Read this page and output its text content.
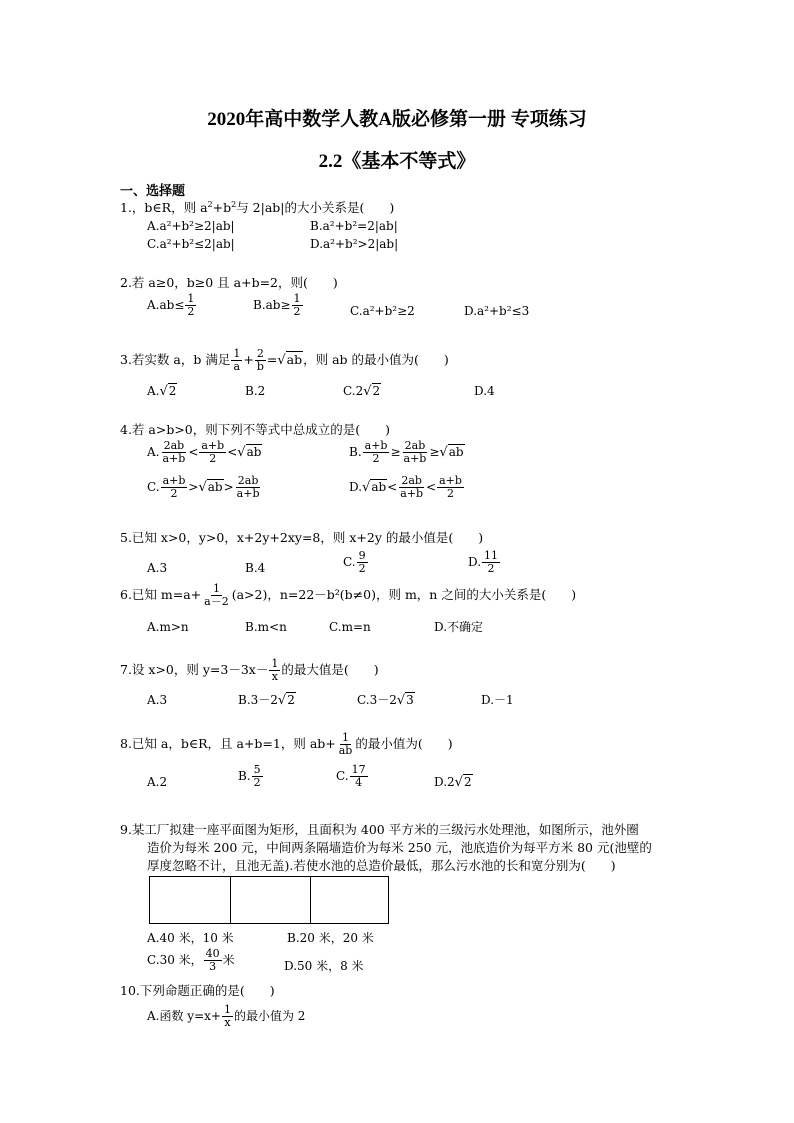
2020年高中数学人教A版必修第一册 专项练习
2.2《基本不等式》
一、选择题
1.，b∈R，则 $a^2+b^2$与 2|ab|的大小关系是(　　)
A.a²+b²≥2|ab|	B.a²+b²=2|ab|
C.a²+b²≤2|ab|	D.a²+b²>2|ab|
2.若 a≥0，b≥0 且 a+b=2，则(　　)
$A.ab\le \frac{1}{2}$	$B.ab\ge \frac{1}{2}$	C.a²+b²≥2	D.a²+b²≤3
3.若实数 a，b 满足 $\frac{1}{a} + \frac{2}{b} =√ab$，则 ab 的最小值为(　　)
A.√2	B.2	C.2√2	D.4
4.若 a>b>0，则下列不等式中总成立的是(　　)
A. $\frac{2ab}{a+b} < \frac{a+b}{2} <√ab$	B. $\frac{a+b}{2} \ge \frac{2ab}{a+b} \ge√ab$
C. $\frac{a+b}{2} >√ab> \frac{2ab}{a+b}$	$D.√ab< \frac{2ab}{a+b} < \frac{a+b}{2}$
5.已知 x>0，y>0，x+2y+2xy=8，则 x+2y 的最小值是(　　)
A.3	B.4	C. $\frac{9}{2}$	D. $\frac{11}{2}$
6.已知 $m=a+ \frac{1}{a-2} (a>2)$，n=22－b²(b≠0)，则 m，n 之间的大小关系是(　　)
A.m>n	B.m<n	C.m=n	D.不确定
7.设 x>0，则 $y=3-3x- \frac{1}{x}$ 的最大值是(　　)
A.3	B.3－2√2	C.3－2√3	D.－1
8.已知 a，b∈R，且 a+b=1，则 $ab+ \frac{1}{ab}$ 的最小值为(　　)
A.2	B. $\frac{5}{2}$	C. $\frac{17}{4}$	D.2√2
9.某工厂拟建一座平面图为矩形，且面积为 400 平方米的三级污水处理池，如图所示，池外圈
造价为每米 200 元，中间两条隔墙造价为每米 250 元，池底造价为每平方米 80 元(池壁的
厚度忽略不计，且池无盖).若使水池的总造价最低，那么污水池的长和宽分别为(　　)
A.40 米，10 米	B.20 米，20 米
C.30 米， $\frac{40}{3}$ 米	D.50 米，8 米
10.下列命题正确的是(　　)
A.函数 $y=x+ \frac{1}{x}$ 的最小值为 2
